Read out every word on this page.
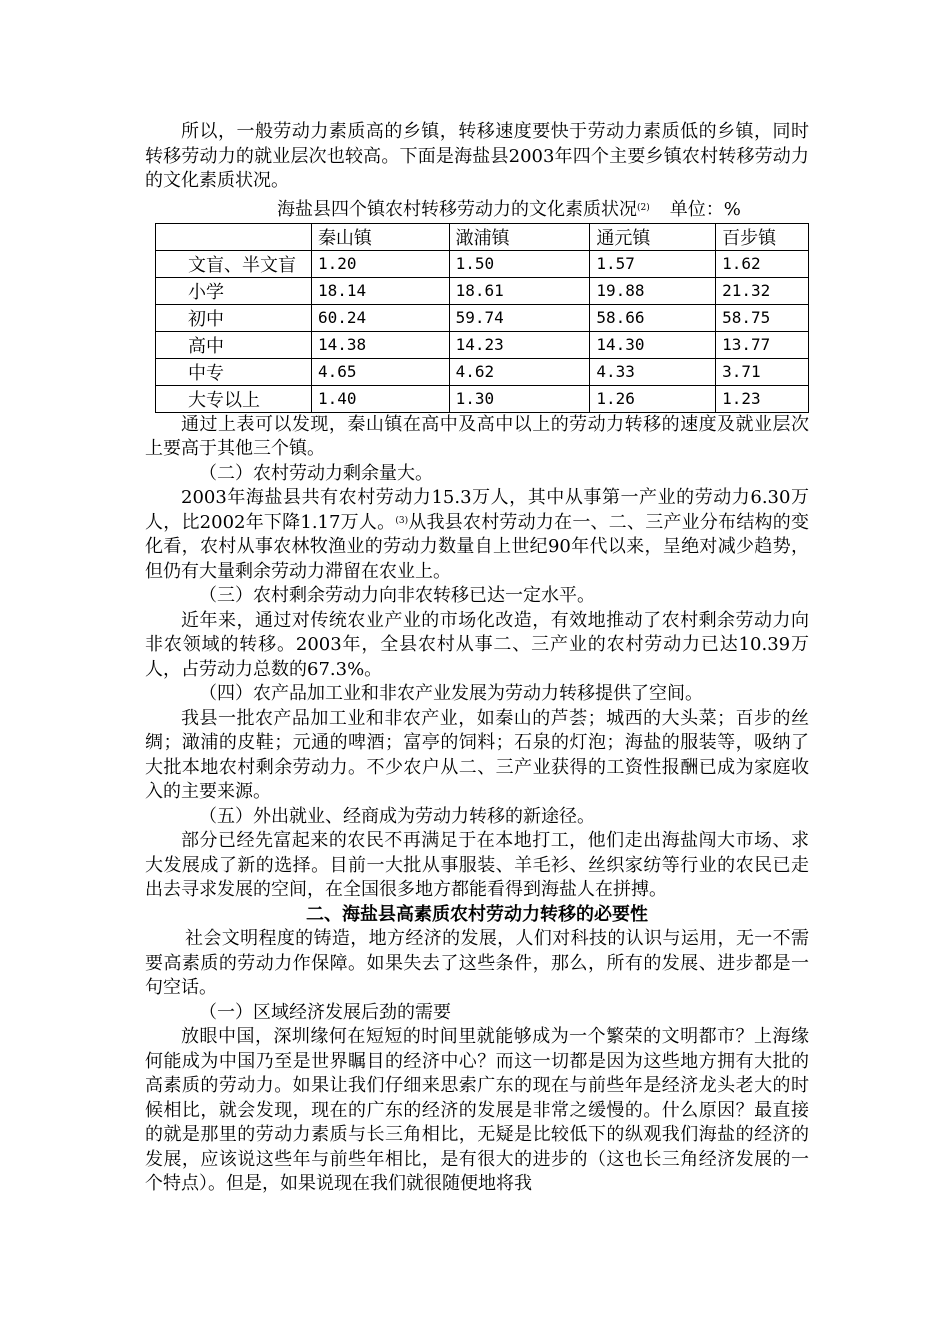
所以，一般劳动力素质高的乡镇，转移速度要快于劳动力素质低的乡镇，同时转移劳动力的就业层次也较高。下面是海盐县2003年四个主要乡镇农村转移劳动力的文化素质状况。

海盐县四个镇农村转移劳动力的文化素质状况$^{(2)}$ 单位：%
	秦山镇	澉浦镇	通元镇	百步镇
文盲、半文盲	1.20	1.50	1.57	1.62
小学	18.14	18.61	19.88	21.32
初中	60.24	59.74	58.66	58.75
高中	14.38	14.23	14.30	13.77
中专	4.65	4.62	4.33	3.71
大专以上	1.40	1.30	1.26	1.23

通过上表可以发现，秦山镇在高中及高中以上的劳动力转移的速度及就业层次上要高于其他三个镇。

（二）农村劳动力剩余量大。

2003年海盐县共有农村劳动力15.3万人，其中从事第一产业的劳动力6.30万人，比2002年下降1.17万人。$^{(3)}$从我县农村劳动力在一、二、三产业分布结构的变化看，农村从事农林牧渔业的劳动力数量自上世纪90年代以来，呈绝对减少趋势，但仍有大量剩余劳动力滞留在农业上。

（三）农村剩余劳动力向非农转移已达一定水平。

近年来，通过对传统农业产业的市场化改造，有效地推动了农村剩余劳动力向非农领域的转移。2003年，全县农村从事二、三产业的农村劳动力已达10.39万人，占劳动力总数的67.3%。

（四）农产品加工业和非农产业发展为劳动力转移提供了空间。

我县一批农产品加工业和非农产业，如秦山的芦荟；城西的大头菜；百步的丝绸；澉浦的皮鞋；元通的啤酒；富亭的饲料；石泉的灯泡；海盐的服装等，吸纳了大批本地农村剩余劳动力。不少农户从二、三产业获得的工资性报酬已成为家庭收入的主要来源。

（五）外出就业、经商成为劳动力转移的新途径。

部分已经先富起来的农民不再满足于在本地打工，他们走出海盐闯大市场、求大发展成了新的选择。目前一大批从事服装、羊毛衫、丝织家纺等行业的农民已走出去寻求发展的空间，在全国很多地方都能看得到海盐人在拼搏。

二、海盐县高素质农村劳动力转移的必要性

社会文明程度的铸造，地方经济的发展，人们对科技的认识与运用，无一不需要高素质的劳动力作保障。如果失去了这些条件，那么，所有的发展、进步都是一句空话。

（一）区域经济发展后劲的需要

放眼中国，深圳缘何在短短的时间里就能够成为一个繁荣的文明都市？上海缘何能成为中国乃至是世界瞩目的经济中心？而这一切都是因为这些地方拥有大批的高素质的劳动力。如果让我们仔细来思索广东的现在与前些年是经济龙头老大的时候相比，就会发现，现在的广东的经济的发展是非常之缓慢的。什么原因？最直接的就是那里的劳动力素质与长三角相比，无疑是比较低下的纵观我们海盐的经济的发展，应该说这些年与前些年相比，是有很大的进步的（这也长三角经济发展的一个特点）。但是，如果说现在我们就很随便地将我
